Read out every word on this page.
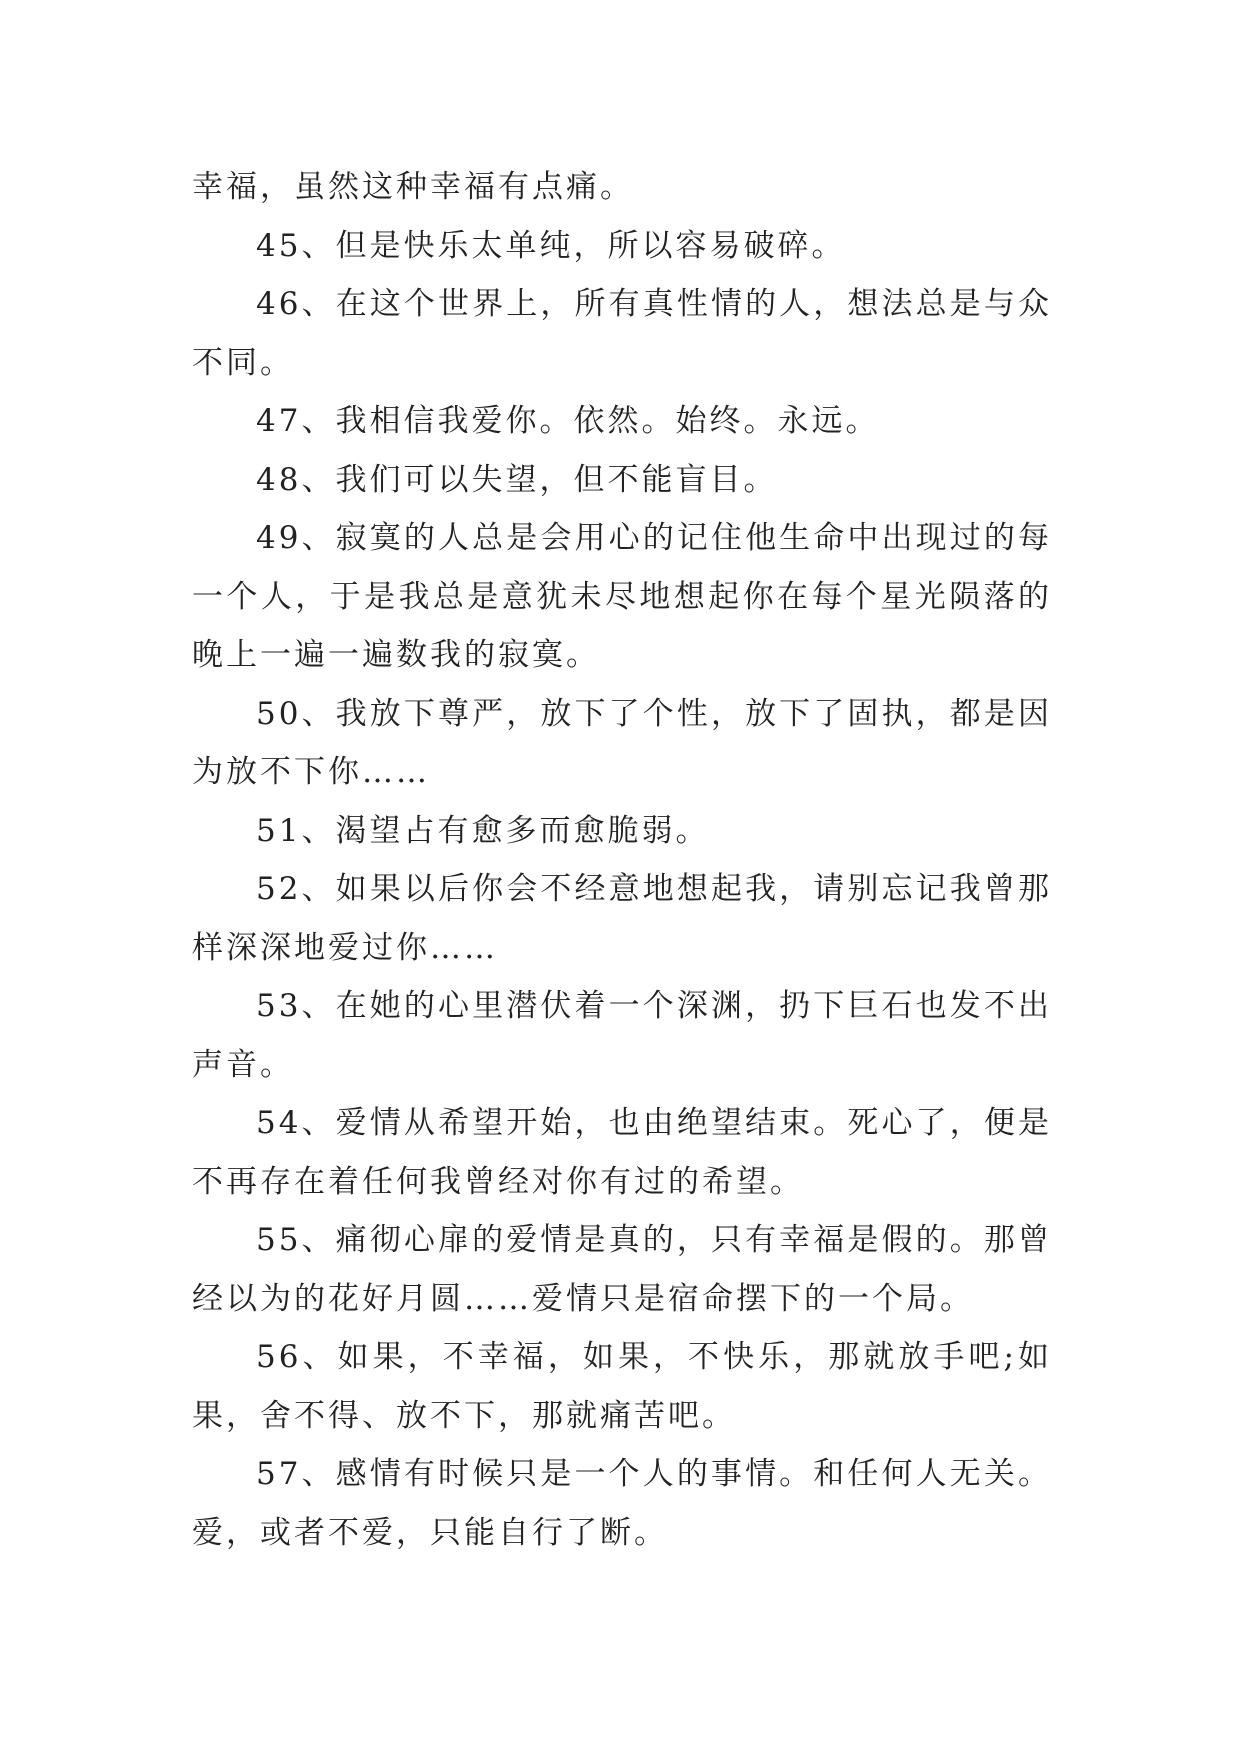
幸福，虽然这种幸福有点痛。

45、但是快乐太单纯，所以容易破碎。

46、在这个世界上，所有真性情的人，想法总是与众不同。

47、我相信我爱你。依然。始终。永远。

48、我们可以失望，但不能盲目。

49、寂寞的人总是会用心的记住他生命中出现过的每一个人，于是我总是意犹未尽地想起你在每个星光陨落的晚上一遍一遍数我的寂寞。

50、我放下尊严，放下了个性，放下了固执，都是因为放不下你……

51、渴望占有愈多而愈脆弱。

52、如果以后你会不经意地想起我，请别忘记我曾那样深深地爱过你……

53、在她的心里潜伏着一个深渊，扔下巨石也发不出声音。

54、爱情从希望开始，也由绝望结束。死心了，便是不再存在着任何我曾经对你有过的希望。

55、痛彻心扉的爱情是真的，只有幸福是假的。那曾经以为的花好月圆……爱情只是宿命摆下的一个局。

56、如果，不幸福，如果，不快乐，那就放手吧;如果，舍不得、放不下，那就痛苦吧。

57、感情有时候只是一个人的事情。和任何人无关。爱，或者不爱，只能自行了断。
